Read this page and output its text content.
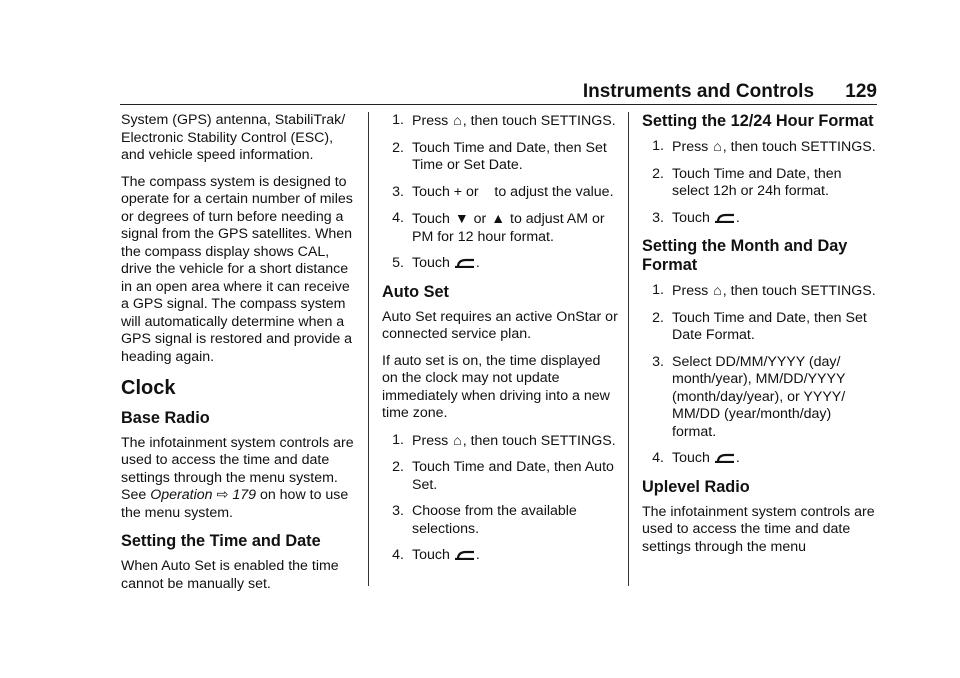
Instruments and Controls 129

System (GPS) antenna, StabiliTrak/ Electronic Stability Control (ESC), and vehicle speed information.

The compass system is designed to operate for a certain number of miles or degrees of turn before needing a signal from the GPS satellites. When the compass display shows CAL, drive the vehicle for a short distance in an open area where it can receive a GPS signal. The compass system will automatically determine when a GPS signal is restored and provide a heading again.

Clock
Base Radio

The infotainment system controls are used to access the time and date settings through the menu system. See Operation ⇨ 179 on how to use the menu system.

Setting the Time and Date

When Auto Set is enabled the time cannot be manually set.

1. Press ⌂, then touch SETTINGS.
2. Touch Time and Date, then Set Time or Set Date.
3. Touch + or    to adjust the value.
4. Touch ▼ or ▲ to adjust AM or PM for 12 hour format.
5. Touch .
Auto Set

Auto Set requires an active OnStar or connected service plan.

If auto set is on, the time displayed on the clock may not update immediately when driving into a new time zone.

1. Press ⌂, then touch SETTINGS.
2. Touch Time and Date, then Auto Set.
3. Choose from the available selections.
4. Touch .
Setting the 12/24 Hour Format
1. Press ⌂, then touch SETTINGS.
2. Touch Time and Date, then select 12h or 24h format.
3. Touch .
Setting the Month and Day Format
1. Press ⌂, then touch SETTINGS.
2. Touch Time and Date, then Set Date Format.
3. Select DD/MM/YYYY (day/ month/year), MM/DD/YYYY (month/day/year), or YYYY/ MM/DD (year/month/day) format.
4. Touch .
Uplevel Radio

The infotainment system controls are used to access the time and date settings through the menu
